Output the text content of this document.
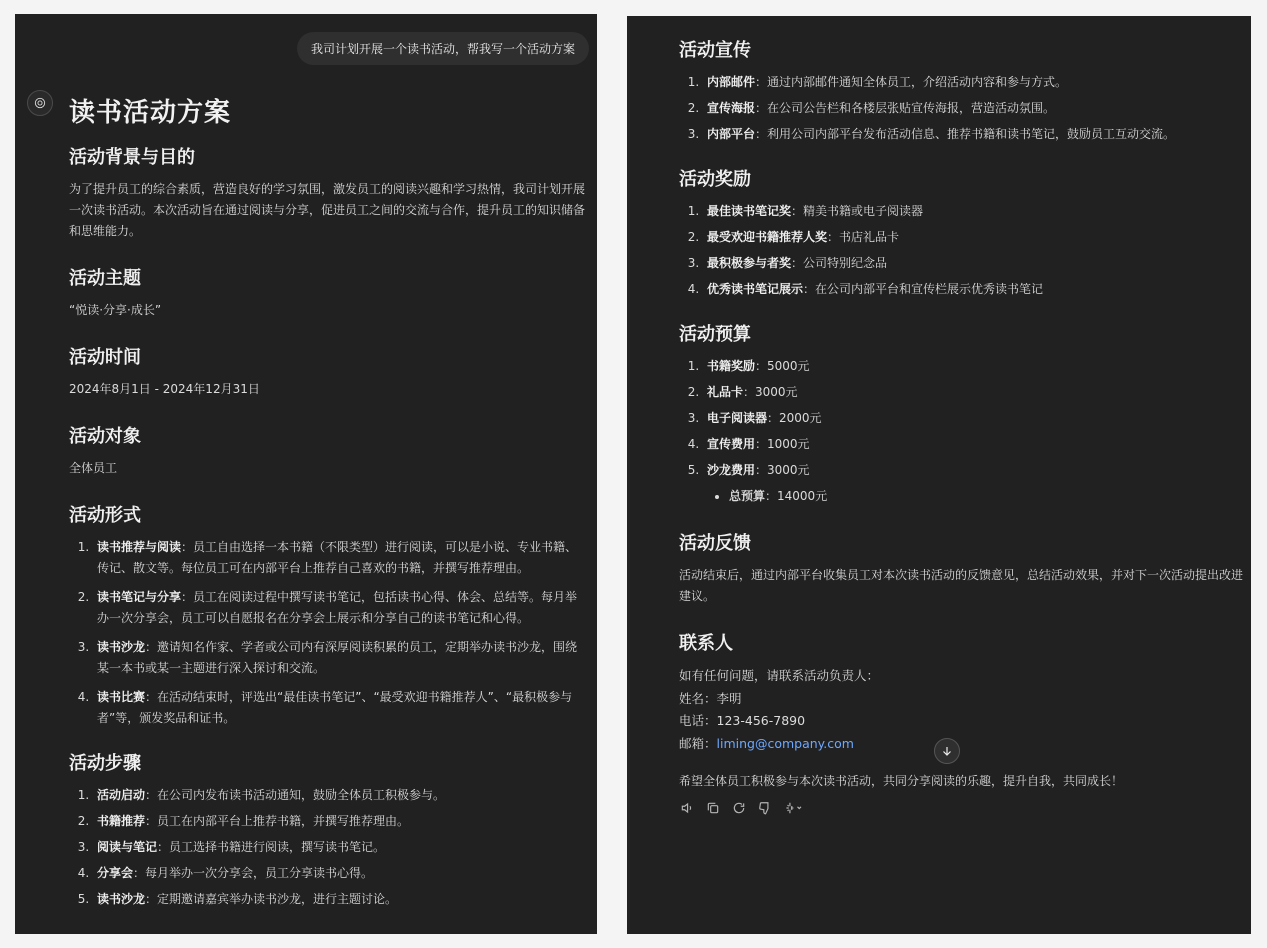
我司计划开展一个读书活动，帮我写一个活动方案
读书活动方案
活动背景与目的

为了提升员工的综合素质，营造良好的学习氛围，激发员工的阅读兴趣和学习热情，我司计划开展一次读书活动。本次活动旨在通过阅读与分享，促进员工之间的交流与合作，提升员工的知识储备和思维能力。

活动主题

“悦读·分享·成长”

活动时间

2024年8月1日 - 2024年12月31日

活动对象

全体员工

活动形式
1. 读书推荐与阅读：员工自由选择一本书籍（不限类型）进行阅读，可以是小说、专业书籍、传记、散文等。每位员工可在内部平台上推荐自己喜欢的书籍，并撰写推荐理由。
2. 读书笔记与分享：员工在阅读过程中撰写读书笔记，包括读书心得、体会、总结等。每月举办一次分享会，员工可以自愿报名在分享会上展示和分享自己的读书笔记和心得。
3. 读书沙龙：邀请知名作家、学者或公司内有深厚阅读积累的员工，定期举办读书沙龙，围绕某一本书或某一主题进行深入探讨和交流。
4. 读书比赛：在活动结束时，评选出“最佳读书笔记”、“最受欢迎书籍推荐人”、“最积极参与者”等，颁发奖品和证书。
活动步骤
1. 活动启动：在公司内发布读书活动通知，鼓励全体员工积极参与。
2. 书籍推荐：员工在内部平台上推荐书籍，并撰写推荐理由。
3. 阅读与笔记：员工选择书籍进行阅读，撰写读书笔记。
4. 分享会：每月举办一次分享会，员工分享读书心得。
5. 读书沙龙：定期邀请嘉宾举办读书沙龙，进行主题讨论。
活动宣传
1. 内部邮件：通过内部邮件通知全体员工，介绍活动内容和参与方式。
2. 宣传海报：在公司公告栏和各楼层张贴宣传海报，营造活动氛围。
3. 内部平台：利用公司内部平台发布活动信息、推荐书籍和读书笔记，鼓励员工互动交流。
活动奖励
1. 最佳读书笔记奖：精美书籍或电子阅读器
2. 最受欢迎书籍推荐人奖：书店礼品卡
3. 最积极参与者奖：公司特别纪念品
4. 优秀读书笔记展示：在公司内部平台和宣传栏展示优秀读书笔记
活动预算
1. 书籍奖励：5000元
2. 礼品卡：3000元
3. 电子阅读器：2000元
4. 宣传费用：1000元
5. 沙龙费用：3000元
• 总预算：14000元
活动反馈

活动结束后，通过内部平台收集员工对本次读书活动的反馈意见，总结活动效果，并对下一次活动提出改进建议。

联系人
如有任何问题，请联系活动负责人：
姓名：李明
电话：123-456-7890
邮箱：liming@company.com

希望全体员工积极参与本次读书活动，共同分享阅读的乐趣，提升自我，共同成长！
